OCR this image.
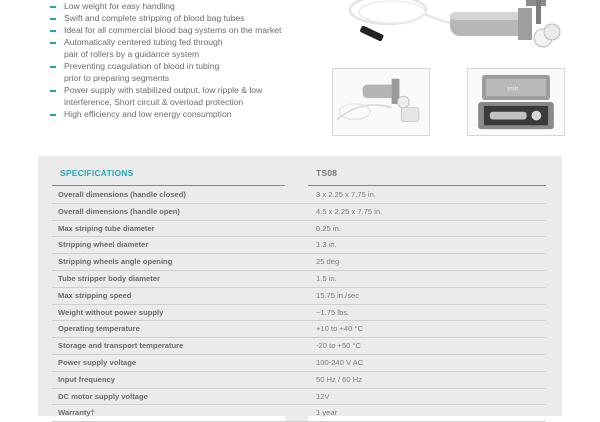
Low weight for easy handling
Swift and complete stripping of blood bag tubes
Ideal for all commercial blood bag systems on the market
Automatically centered tubing fed through
pair of rollers by a guidance system
Preventing coagulation of blood in tubing
prior to preparing segments
Power supply with stabilized output, low ripple & low
interference, Short circuit & overload protection
High efficiency and low energy consumption
tmb
SPECIFICATIONS	TS08
Overall dimensions (handle closed)	3 x 2.25 x 7.75 in.
Overall dimensions (handle open)	4.5 x 2.25 x 7.75 in.
Max striping tube diameter	0.25 in.
Stripping wheel diameter	1.3 in.
Stripping wheels angle opening	25 deg
Tube stripper body diameter	1.5 in.
Max stripping speed	15.75 in./sec
Weight without power supply	~1.75 lbs.
Operating temperature	+10 to +40 °C
Storage and transport temperature	-20 to +50 °C
Power supply voltage	100-240 V AC
Input frequency	50 Hz / 60 Hz
DC motor supply voltage	12V
Warranty†	1 year
